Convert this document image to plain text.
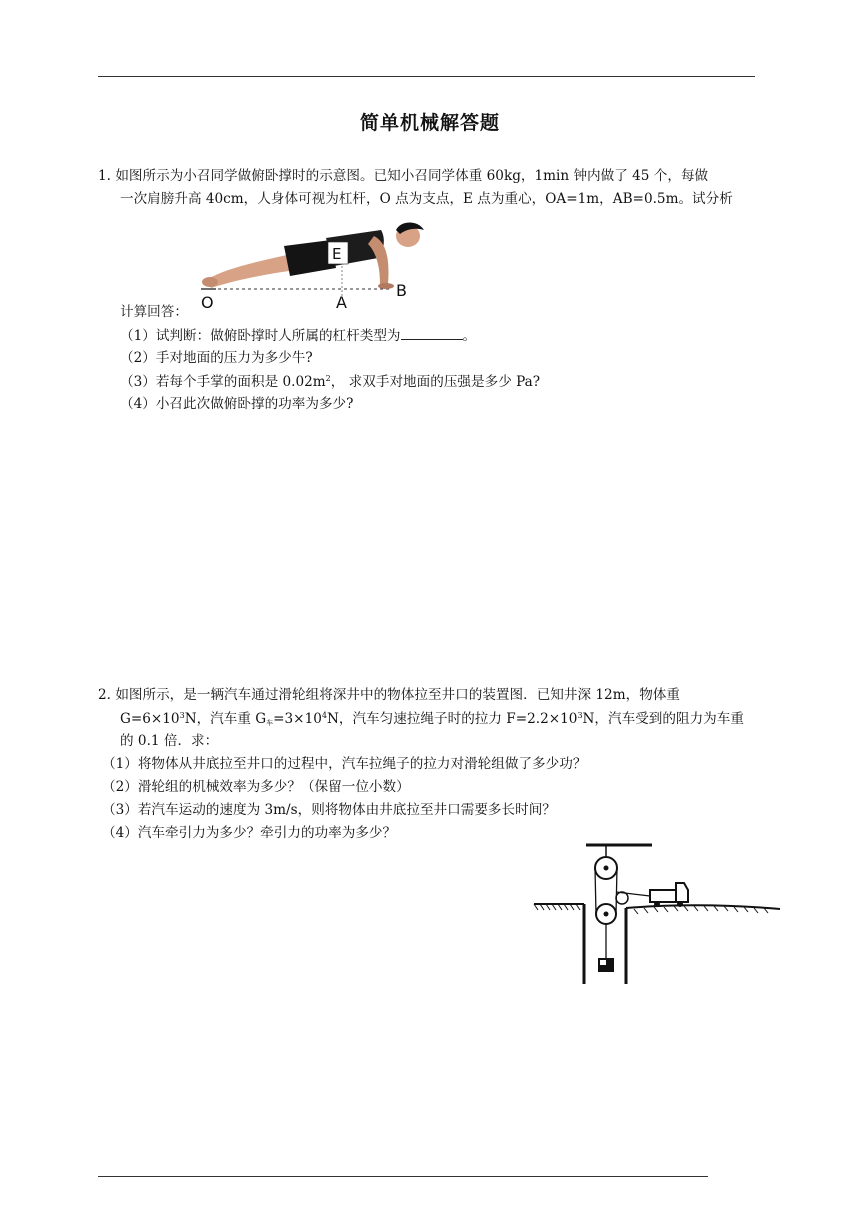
简单机械解答题
1. 如图所示为小召同学做俯卧撑时的示意图。已知小召同学体重 60kg，1min 钟内做了 45 个，每做
一次肩膀升高 40cm，人身体可视为杠杆，O 点为支点，E 点为重心，OA=1m，AB=0.5m。试分析
E
O	A
B
计算回答：
（1）试判断：做俯卧撑时人所属的杠杆类型为	。
（2）手对地面的压力为多少牛?
（3）若每个手掌的面积是 $0.02m^2$， 求双手对地面的压强是多少 Pa?
（4）小召此次做俯卧撑的功率为多少?
2. 如图所示，是一辆汽车通过滑轮组将深井中的物体拉至井口的装置图．已知井深 12m，物体重
$G=6\times 10^3N$，汽车重 $G_车=3\times 10^4N$，汽车匀速拉绳子时的拉力 $F=2.2\times 10^3N$，汽车受到的阻力为车重
的 0.1 倍．求：
（1）将物体从井底拉至井口的过程中，汽车拉绳子的拉力对滑轮组做了多少功？
（2）滑轮组的机械效率为多少？（保留一位小数）
（3）若汽车运动的速度为 3m/s，则将物体由井底拉至井口需要多长时间？
（4）汽车牵引力为多少？牵引力的功率为多少？
